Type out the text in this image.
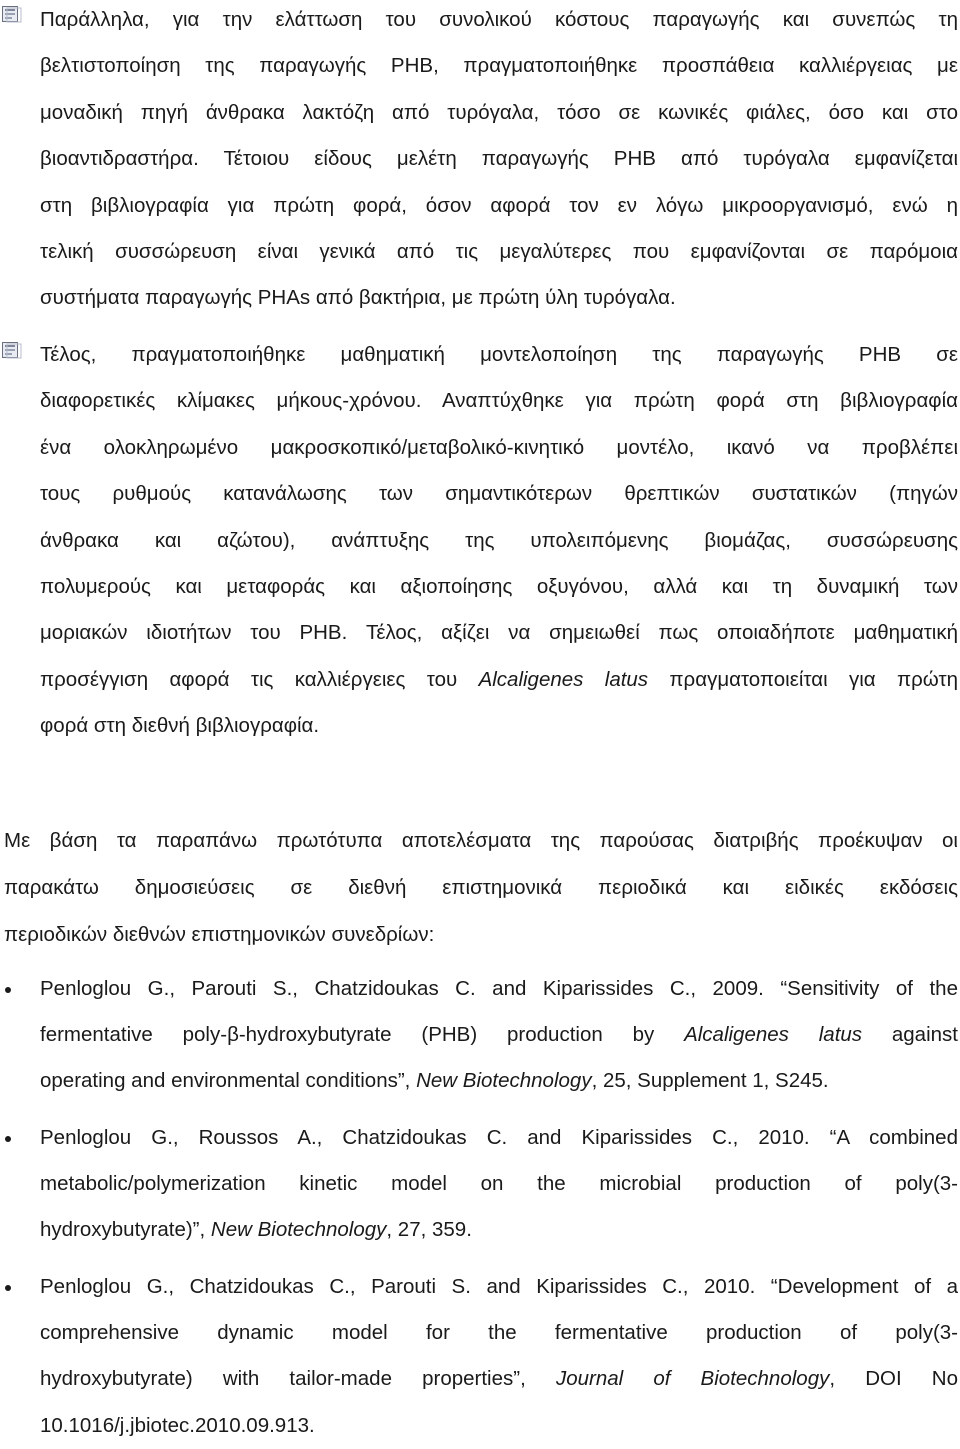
Παράλληλα, για την ελάττωση του συνολικού κόστους παραγωγής και συνεπώς τη
βελτιστοποίηση της παραγωγής PHB, πραγματοποιήθηκε προσπάθεια καλλιέργειας με
μοναδική πηγή άνθρακα λακτόζη από τυρόγαλα, τόσο σε κωνικές φιάλες, όσο και στο
βιοαντιδραστήρα. Τέτοιου είδους μελέτη παραγωγής PHB από τυρόγαλα εμφανίζεται
στη βιβλιογραφία για πρώτη φορά, όσον αφορά τον εν λόγω μικροοργανισμό, ενώ η
τελική συσσώρευση είναι γενικά από τις μεγαλύτερες που εμφανίζονται σε παρόμοια
συστήματα παραγωγής PHAs από βακτήρια, με πρώτη ύλη τυρόγαλα.

Τέλος, πραγματοποιήθηκε μαθηματική μοντελοποίηση της παραγωγής PHB σε
διαφορετικές κλίμακες μήκους-χρόνου. Αναπτύχθηκε για πρώτη φορά στη βιβλιογραφία
ένα ολοκληρωμένο μακροσκοπικό/μεταβολικό-κινητικό μοντέλο, ικανό να προβλέπει
τους ρυθμούς κατανάλωσης των σημαντικότερων θρεπτικών συστατικών (πηγών
άνθρακα και αζώτου), ανάπτυξης της υπολειπόμενης βιομάζας, συσσώρευσης
πολυμερούς και μεταφοράς και αξιοποίησης οξυγόνου, αλλά και τη δυναμική των
μοριακών ιδιοτήτων του PHB. Τέλος, αξίζει να σημειωθεί πως οποιαδήποτε μαθηματική
προσέγγιση αφορά τις καλλιέργειες του Alcaligenes latus πραγματοποιείται για πρώτη
φορά στη διεθνή βιβλιογραφία.

Με βάση τα παραπάνω πρωτότυπα αποτελέσματα της παρούσας διατριβής προέκυψαν οι
παρακάτω δημοσιεύσεις σε διεθνή επιστημονικά περιοδικά και ειδικές εκδόσεις
περιοδικών διεθνών επιστημονικών συνεδρίων:

Penloglou G., Parouti S., Chatzidoukas C. and Kiparissides C., 2009. “Sensitivity of the
fermentative poly-β-hydroxybutyrate (PHB) production by Alcaligenes latus against
operating and environmental conditions”, New Biotechnology, 25, Supplement 1, S245.

Penloglou G., Roussos A., Chatzidoukas C. and Kiparissides C., 2010. “A combined
metabolic/polymerization kinetic model on the microbial production of poly(3-
hydroxybutyrate)”, New Biotechnology, 27, 359.

Penloglou G., Chatzidoukas C., Parouti S. and Kiparissides C., 2010. “Development of a
comprehensive dynamic model for the fermentative production of poly(3-
hydroxybutyrate) with tailor-made properties”, Journal of Biotechnology, DOI No
10.1016/j.jbiotec.2010.09.913.
